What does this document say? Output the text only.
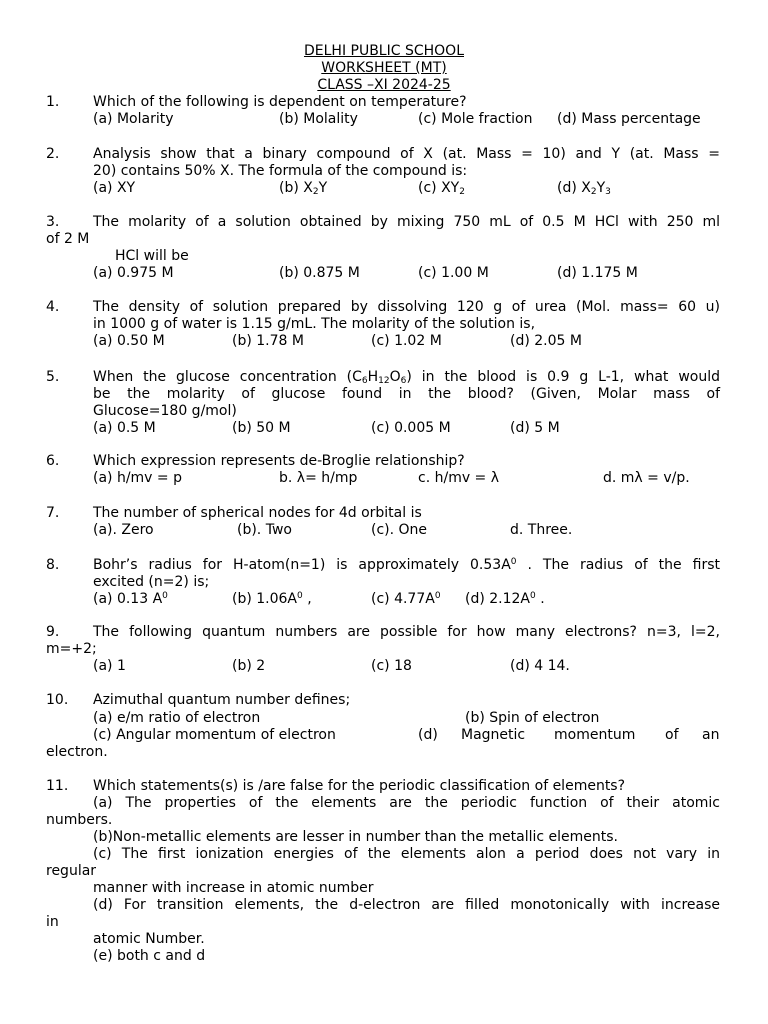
DELHI PUBLIC SCHOOL
WORKSHEET (MT)
CLASS –XI 2024-25
1. Which of the following is dependent on temperature?
(a) Molarity	(b) Molality	(c) Mole fraction (d) Mass percentage
2. Analysis show that a binary compound of X (at. Mass = 10) and Y (at. Mass =
20) contains 50% X. The formula of the compound is:
(a) XY	(b) $X_2Y$	(c) $XY_2$	(d) $X_2Y_3$
3. The molarity of a solution obtained by mixing 750 mL of 0.5 M HCl with 250 ml
of 2 M
HCl will be
(a) 0.975 M	(b) 0.875 M	(c) 1.00 M	(d) 1.175 M
4. The density of solution prepared by dissolving 120 g of urea (Mol. mass= 60 u)
in 1000 g of water is 1.15 g/mL. The molarity of the solution is,
(a) 0.50 M	(b) 1.78 M	(c) 1.02 M	(d) 2.05 M
5. When the glucose concentration $(C_6H_{12}O_6)$ in the blood is 0.9 g L-1, what would
be the molarity of glucose found in the blood? (Given, Molar mass of
Glucose=180 g/mol)
(a) 0.5 M	(b) 50 M	(c) 0.005 M	(d) 5 M
6. Which expression represents de-Broglie relationship?
(a) h/mv = p	b. λ= h/mp	c. h/mv = λ	d. mλ = v/p.
7. The number of spherical nodes for 4d orbital is
(a). Zero	(b). Two	(c). One	d. Three.
8. Bohr’s radius for H-atom(n=1) is approximately $0.53A^0$ . The radius of the first
excited (n=2) is;
(a) 0.13 $A^0$	(b) $1.06A^0$ ,	(c) $4.77A^0$ (d) $2.12A^0$ .
9. The following quantum numbers are possible for how many electrons? n=3, l=2,
m=+2;
(a) 1	(b) 2	(c) 18	(d) 4 14.
10. Azimuthal quantum number defines;
(a) e/m ratio of electron	(b) Spin of electron
(c) Angular momentum of electron	(d) Magnetic momentum of an
electron.
11. Which statements(s) is /are false for the periodic classification of elements?
(a) The properties of the elements are the periodic function of their atomic
numbers.
(b)Non-metallic elements are lesser in number than the metallic elements.
(c) The first ionization energies of the elements alon a period does not vary in
regular
manner with increase in atomic number
(d) For transition elements, the d-electron are filled monotonically with increase
in
atomic Number.
(e) both c and d
